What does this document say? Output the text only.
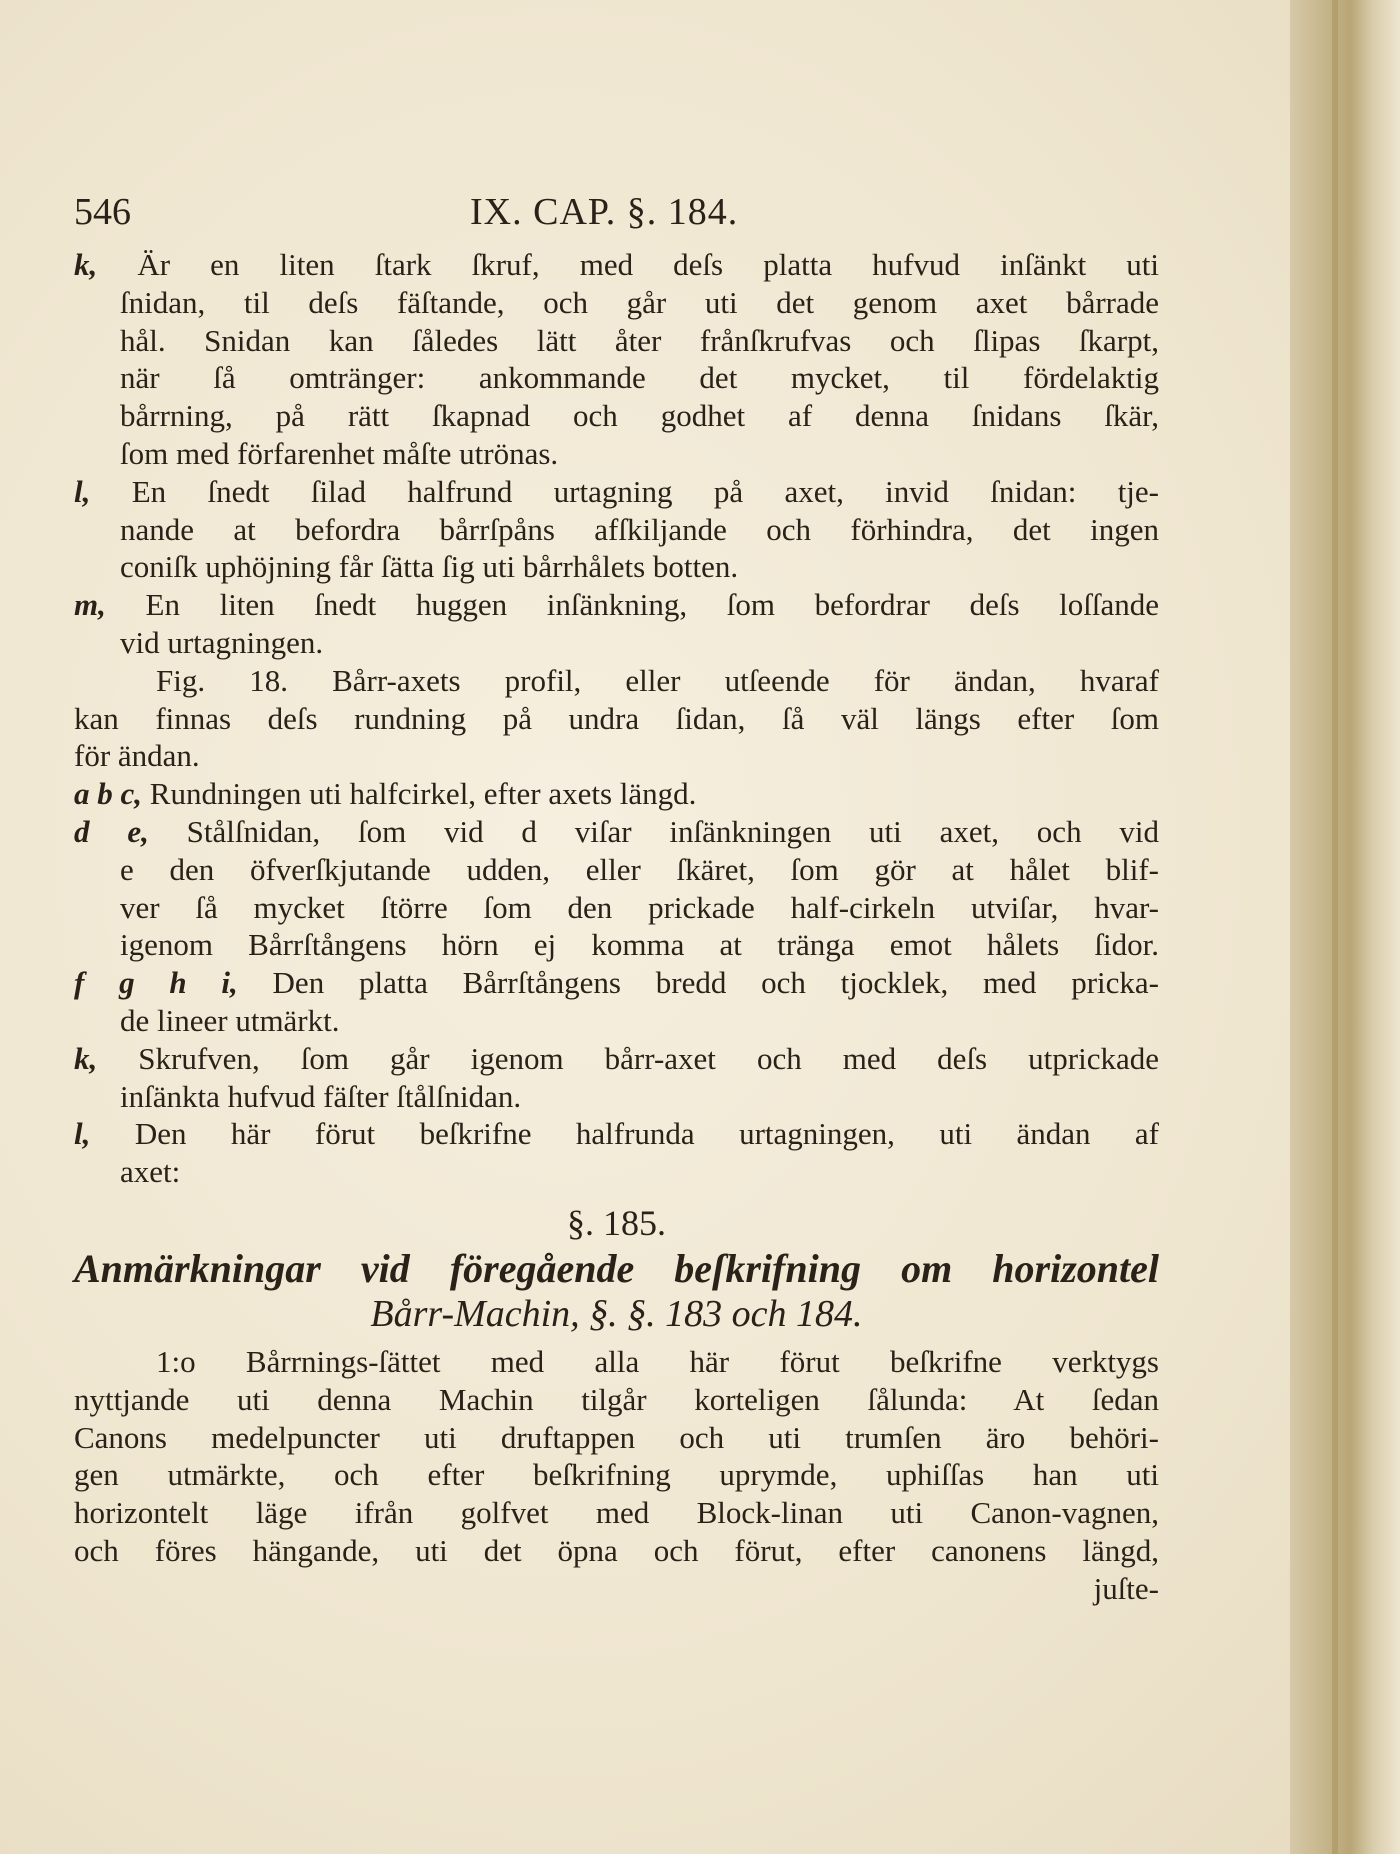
546	IX. CAP. §. 184.
k, Är en liten ſtark ſkruf, med deſs platta hufvud inſänkt uti
ſnidan, til deſs fäſtande, och går uti det genom axet bårrade
hål. Snidan kan ſåledes lätt åter frånſkrufvas och ſlipas ſkarpt,
när ſå omtränger: ankommande det mycket, til fördelaktig
bårrning, på rätt ſkapnad och godhet af denna ſnidans ſkär,
ſom med förfarenhet måſte utrönas.
l, En ſnedt ſilad halfrund urtagning på axet, invid ſnidan: tje-
nande at befordra bårrſpåns afſkiljande och förhindra, det ingen
coniſk uphöjning får ſätta ſig uti bårrhålets botten.
m, En liten ſnedt huggen inſänkning, ſom befordrar deſs loſſande
vid urtagningen.
Fig. 18. Bårr-axets profil, eller utſeende för ändan, hvaraf
kan finnas deſs rundning på undra ſidan, ſå väl längs efter ſom
för ändan.
a b c, Rundningen uti halfcirkel, efter axets längd.
d e, Stålſnidan, ſom vid d viſar inſänkningen uti axet, och vid
e den öfverſkjutande udden, eller ſkäret, ſom gör at hålet blif-
ver ſå mycket ſtörre ſom den prickade half-cirkeln utviſar, hvar-
igenom Bårrſtångens hörn ej komma at tränga emot hålets ſidor.
f g h i, Den platta Bårrſtångens bredd och tjocklek, med pricka-
de lineer utmärkt.
k, Skrufven, ſom går igenom bårr-axet och med deſs utprickade
inſänkta hufvud fäſter ſtålſnidan.
l, Den här förut beſkrifne halfrunda urtagningen, uti ändan af
axet:
§. 185.
Anmärkningar vid föregående beſkrifning om horizontel
Bårr-Machin, §. §. 183 och 184.
1:o Bårrnings-ſättet med alla här förut beſkrifne verktygs
nyttjande uti denna Machin tilgår korteligen ſålunda: At ſedan
Canons medelpuncter uti druftappen och uti trumſen äro behöri-
gen utmärkte, och efter beſkrifning uprymde, uphiſſas han uti
horizontelt läge ifrån golfvet med Block-linan uti Canon-vagnen,
och föres hängande, uti det öpna och förut, efter canonens längd,
juſte-
